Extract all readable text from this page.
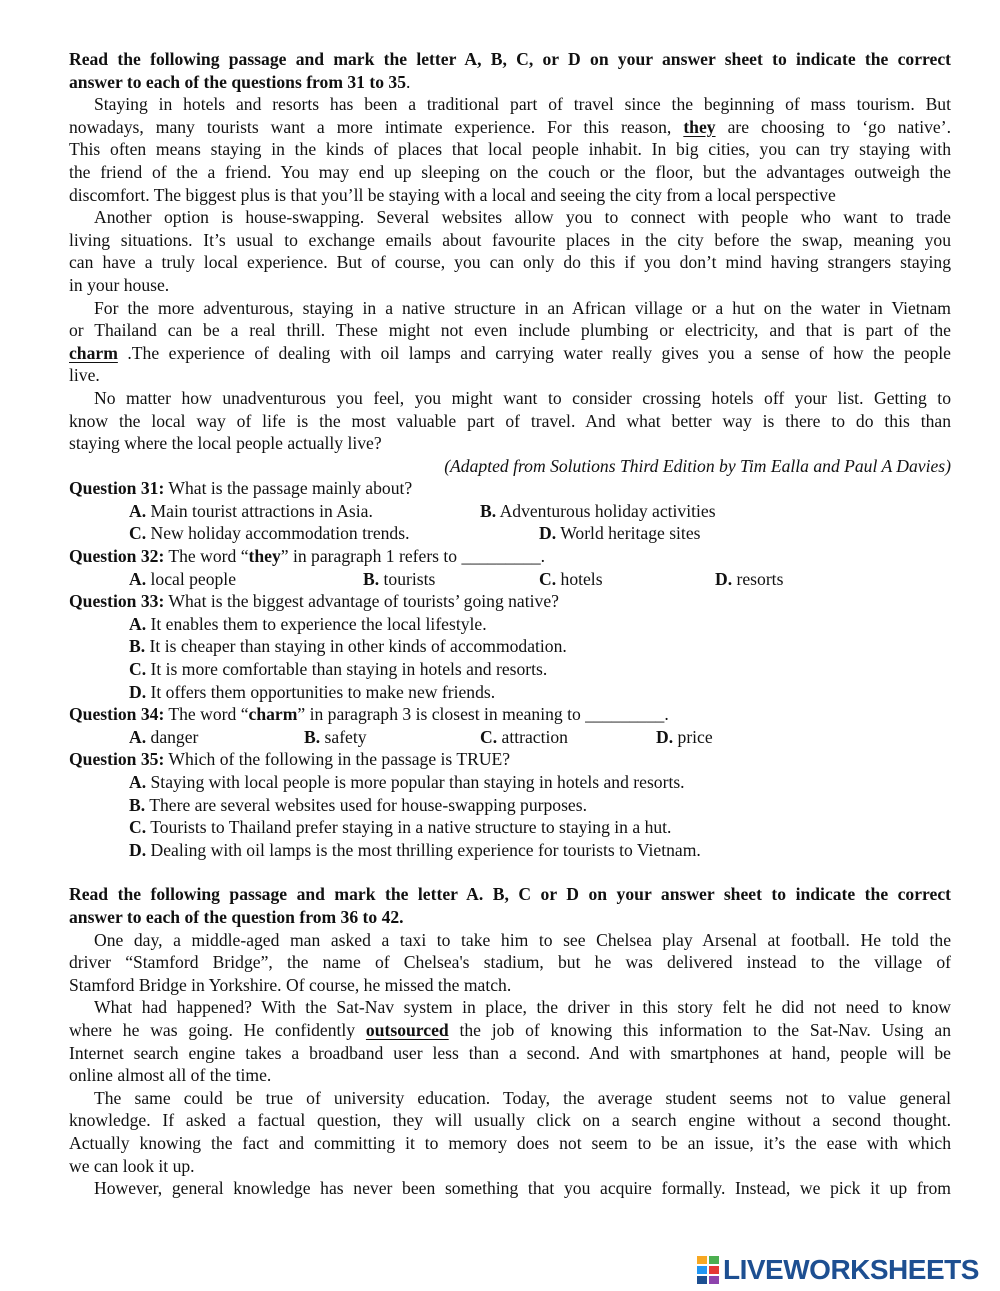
Read the following passage and mark the letter A, B, C, or D on your answer sheet to indicate the correct
answer to each of the questions from 31 to 35.
Staying in hotels and resorts has been a traditional part of travel since the beginning of mass tourism. But
nowadays, many tourists want a more intimate experience. For this reason, they are choosing to ‘go native’.
This often means staying in the kinds of places that local people inhabit. In big cities, you can try staying with
the friend of the a friend. You may end up sleeping on the couch or the floor, but the advantages outweigh the
discomfort. The biggest plus is that you’ll be staying with a local and seeing the city from a local perspective
Another option is house-swapping. Several websites allow you to connect with people who want to trade
living situations. It’s usual to exchange emails about favourite places in the city before the swap, meaning you
can have a truly local experience. But of course, you can only do this if you don’t mind having strangers staying
in your house.
For the more adventurous, staying in a native structure in an African village or a hut on the water in Vietnam
or Thailand can be a real thrill. These might not even include plumbing or electricity, and that is part of the
charm .The experience of dealing with oil lamps and carrying water really gives you a sense of how the people
live.
No matter how unadventurous you feel, you might want to consider crossing hotels off your list. Getting to
know the local way of life is the most valuable part of travel. And what better way is there to do this than
staying where the local people actually live?
(Adapted from Solutions Third Edition by Tim Ealla and Paul A Davies)
Question 31: What is the passage mainly about?
A. Main tourist attractions in Asia.	B. Adventurous holiday activities
C. New holiday accommodation trends.	D. World heritage sites
Question 32: The word “they” in paragraph 1 refers to _________.
A. local people	B. tourists	C. hotels	D. resorts
Question 33: What is the biggest advantage of tourists’ going native?
A. It enables them to experience the local lifestyle.
B. It is cheaper than staying in other kinds of accommodation.
C. It is more comfortable than staying in hotels and resorts.
D. It offers them opportunities to make new friends.
Question 34: The word “charm” in paragraph 3 is closest in meaning to _________.
A. danger	B. safety	C. attraction	D. price
Question 35: Which of the following in the passage is TRUE?
A. Staying with local people is more popular than staying in hotels and resorts.
B. There are several websites used for house-swapping purposes.
C. Tourists to Thailand prefer staying in a native structure to staying in a hut.
D. Dealing with oil lamps is the most thrilling experience for tourists to Vietnam.
Read the following passage and mark the letter A. B, C or D on your answer sheet to indicate the correct
answer to each of the question from 36 to 42.
One day, a middle-aged man asked a taxi to take him to see Chelsea play Arsenal at football. He told the
driver “Stamford Bridge”, the name of Chelsea's stadium, but he was delivered instead to the village of
Stamford Bridge in Yorkshire. Of course, he missed the match.
What had happened? With the Sat-Nav system in place, the driver in this story felt he did not need to know
where he was going. He confidently outsourced the job of knowing this information to the Sat-Nav. Using an
Internet search engine takes a broadband user less than a second. And with smartphones at hand, people will be
online almost all of the time.
The same could be true of university education. Today, the average student seems not to value general
knowledge. If asked a factual question, they will usually click on a search engine without a second thought.
Actually knowing the fact and committing it to memory does not seem to be an issue, it’s the ease with which
we can look it up.
However, general knowledge has never been something that you acquire formally. Instead, we pick it up from
LIVEWORKSHEETS
